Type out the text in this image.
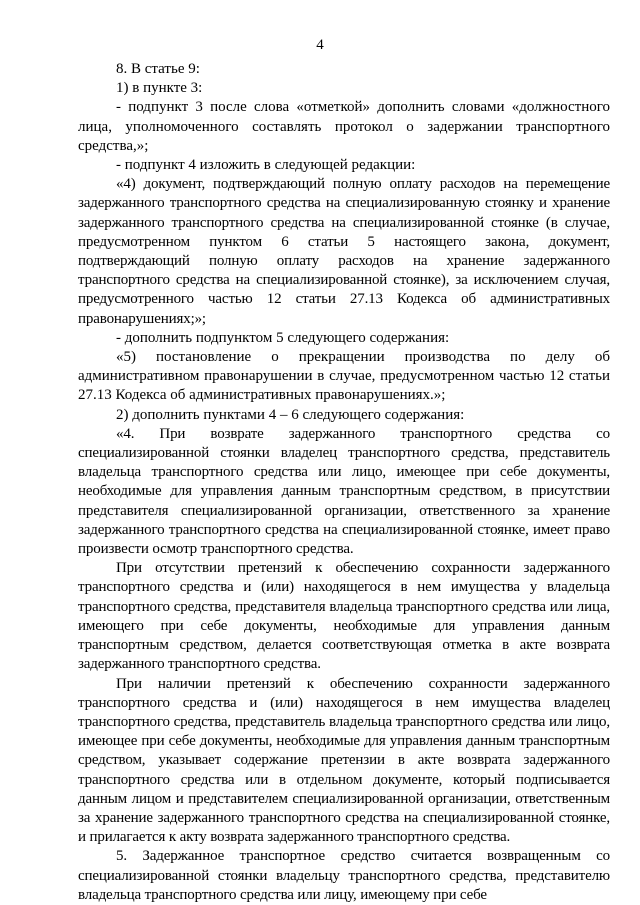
4

8. В статье 9:

1) в пункте 3:

- подпункт 3 после слова «отметкой» дополнить словами «должностного лица, уполномоченного составлять протокол о задержании транспортного средства,»;

- подпункт 4 изложить в следующей редакции:

«4) документ, подтверждающий полную оплату расходов на перемещение задержанного транспортного средства на специализированную стоянку и хранение задержанного транспортного средства на специализированной стоянке (в случае, предусмотренном пунктом 6 статьи 5 настоящего закона, документ, подтверждающий полную оплату расходов на хранение задержанного транспортного средства на специализированной стоянке), за исключением случая, предусмотренного частью 12 статьи 27.13 Кодекса об административных правонарушениях;»;

- дополнить подпунктом 5 следующего содержания:

«5) постановление о прекращении производства по делу об административном правонарушении в случае, предусмотренном частью 12 статьи 27.13 Кодекса об административных правонарушениях.»;

2) дополнить пунктами 4 – 6 следующего содержания:

«4. При возврате задержанного транспортного средства со специализированной стоянки владелец транспортного средства, представитель владельца транспортного средства или лицо, имеющее при себе документы, необходимые для управления данным транспортным средством, в присутствии представителя специализированной организации, ответственного за хранение задержанного транспортного средства на специализированной стоянке, имеет право произвести осмотр транспортного средства.

При отсутствии претензий к обеспечению сохранности задержанного транспортного средства и (или) находящегося в нем имущества у владельца транспортного средства, представителя владельца транспортного средства или лица, имеющего при себе документы, необходимые для управления данным транспортным средством, делается соответствующая отметка в акте возврата задержанного транспортного средства.

При наличии претензий к обеспечению сохранности задержанного транспортного средства и (или) находящегося в нем имущества владелец транспортного средства, представитель владельца транспортного средства или лицо, имеющее при себе документы, необходимые для управления данным транспортным средством, указывает содержание претензии в акте возврата задержанного транспортного средства или в отдельном документе, который подписывается данным лицом и представителем специализированной организации, ответственным за хранение задержанного транспортного средства на специализированной стоянке, и прилагается к акту возврата задержанного транспортного средства.

5. Задержанное транспортное средство считается возвращенным со специализированной стоянки владельцу транспортного средства, представителю владельца транспортного средства или лицу, имеющему при себе
